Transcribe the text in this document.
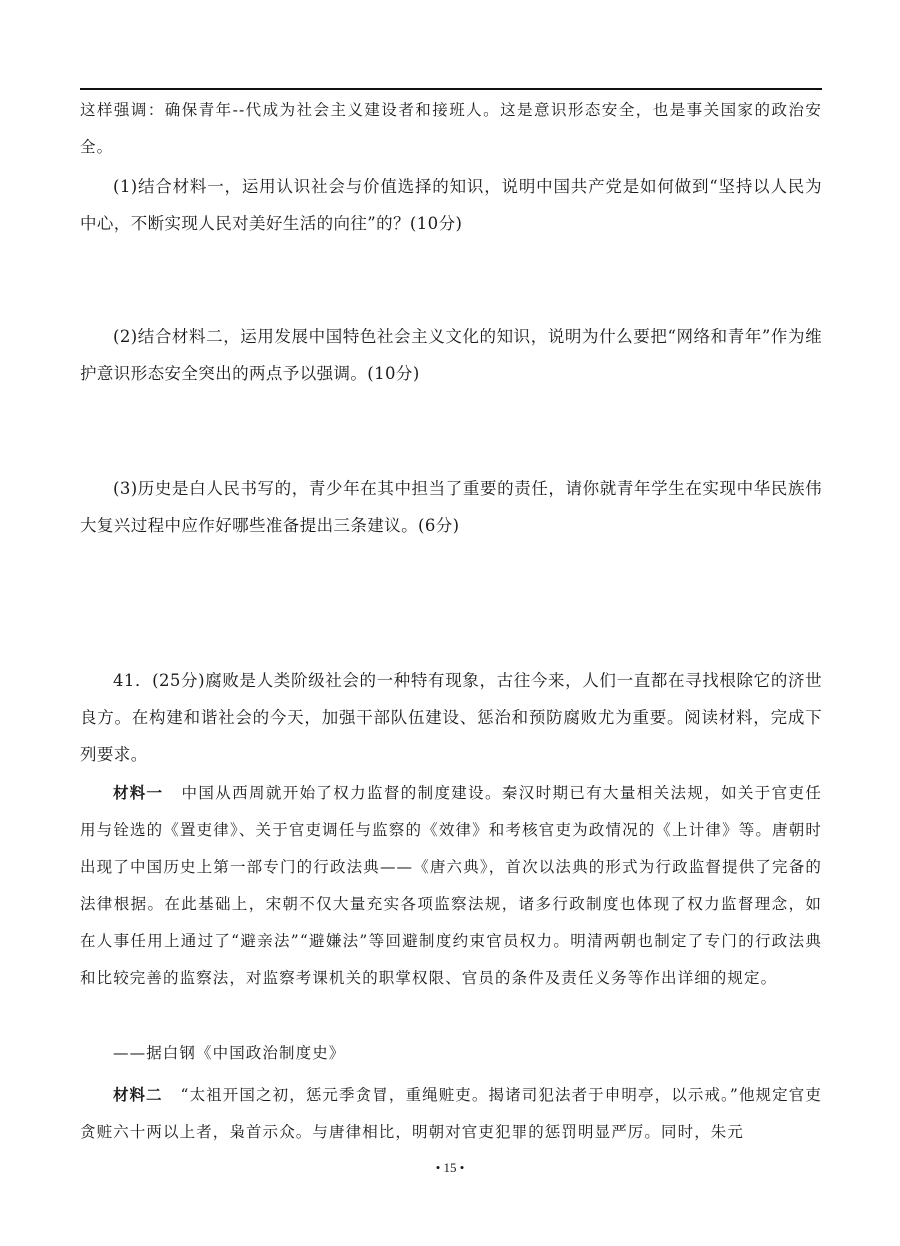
这样强调：确保青年--代成为社会主义建设者和接班人。这是意识形态安全，也是事关国家的政治安全。

(1)结合材料一，运用认识社会与价值选择的知识，说明中国共产党是如何做到“坚持以人民为中心，不断实现人民对美好生活的向往”的？(10分)

(2)结合材料二，运用发展中国特色社会主义文化的知识，说明为什么要把“网络和青年”作为维护意识形态安全突出的两点予以强调。(10分)

(3)历史是白人民书写的，青少年在其中担当了重要的责任，请你就青年学生在实现中华民族伟大复兴过程中应作好哪些准备提出三条建议。(6分)

41．(25分)腐败是人类阶级社会的一种特有现象，古往今来，人们一直都在寻找根除它的济世良方。在构建和谐社会的今天，加强干部队伍建设、惩治和预防腐败尤为重要。阅读材料，完成下列要求。

材料一 中国从西周就开始了权力监督的制度建设。秦汉时期已有大量相关法规，如关于官吏任用与铨选的《置吏律》、关于官吏调任与监察的《效律》和考核官吏为政情况的《上计律》等。唐朝时出现了中国历史上第一部专门的行政法典——《唐六典》，首次以法典的形式为行政监督提供了完备的法律根据。在此基础上，宋朝不仅大量充实各项监察法规，诸多行政制度也体现了权力监督理念，如在人事任用上通过了“避亲法”“避嫌法”等回避制度约束官员权力。明清两朝也制定了专门的行政法典和比较完善的监察法，对监察考课机关的职掌权限、官员的条件及责任义务等作出详细的规定。

——据白钢《中国政治制度史》

材料二 “太祖开国之初，惩元季贪冒，重绳赃吏。揭诸司犯法者于申明亭，以示戒。”他规定官吏贪赃六十两以上者，枭首示众。与唐律相比，明朝对官吏犯罪的惩罚明显严厉。同时，朱元

• 15 •
